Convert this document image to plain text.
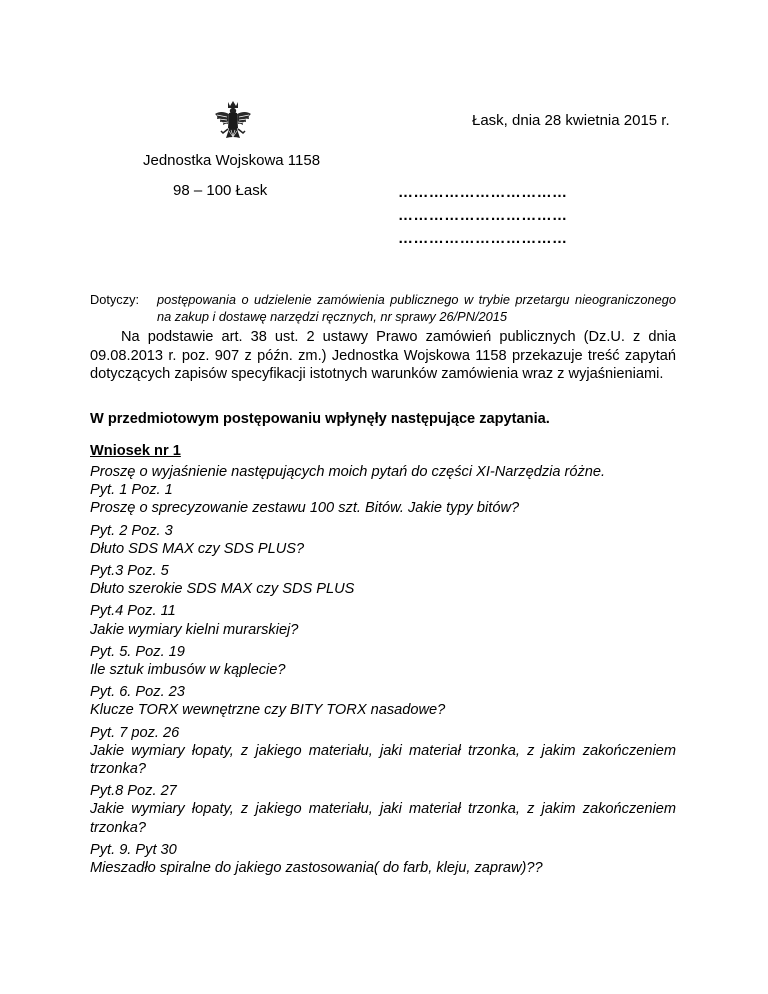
Łask, dnia 28 kwietnia 2015 r.
Jednostka Wojskowa 1158
98 – 100 Łask	……………………………
……………………………
……………………………
Dotyczy: postępowania o udzielenie zamówienia publicznego w trybie przetargu nieograniczonego na zakup i dostawę narzędzi ręcznych, nr sprawy 26/PN/2015
Na podstawie art. 38 ust. 2 ustawy Prawo zamówień publicznych (Dz.U. z dnia 09.08.2013 r. poz. 907 z późn. zm.) Jednostka Wojskowa 1158 przekazuje treść zapytań dotyczących zapisów specyfikacji istotnych warunków zamówienia wraz z wyjaśnieniami.
W przedmiotowym postępowaniu wpłynęły następujące zapytania.
Wniosek nr 1
Proszę o wyjaśnienie następujących moich pytań do części XI-Narzędzia różne.
Pyt. 1 Poz. 1
Proszę o sprecyzowanie zestawu 100 szt. Bitów. Jakie typy bitów?
Pyt. 2 Poz. 3
Dłuto SDS MAX czy SDS PLUS?
Pyt.3 Poz. 5
Dłuto szerokie SDS MAX czy SDS PLUS
Pyt.4 Poz. 11
Jakie wymiary kielni murarskiej?
Pyt. 5. Poz. 19
Ile sztuk imbusów w kąplecie?
Pyt. 6. Poz. 23
Klucze TORX wewnętrzne czy BITY TORX nasadowe?
Pyt. 7 poz. 26
Jakie wymiary łopaty, z jakiego materiału, jaki materiał trzonka, z jakim zakończeniem trzonka?
Pyt.8 Poz. 27
Jakie wymiary łopaty, z jakiego materiału, jaki materiał trzonka, z jakim zakończeniem trzonka?
Pyt. 9. Pyt 30
Mieszadło spiralne do jakiego zastosowania( do farb, kleju, zapraw)??
